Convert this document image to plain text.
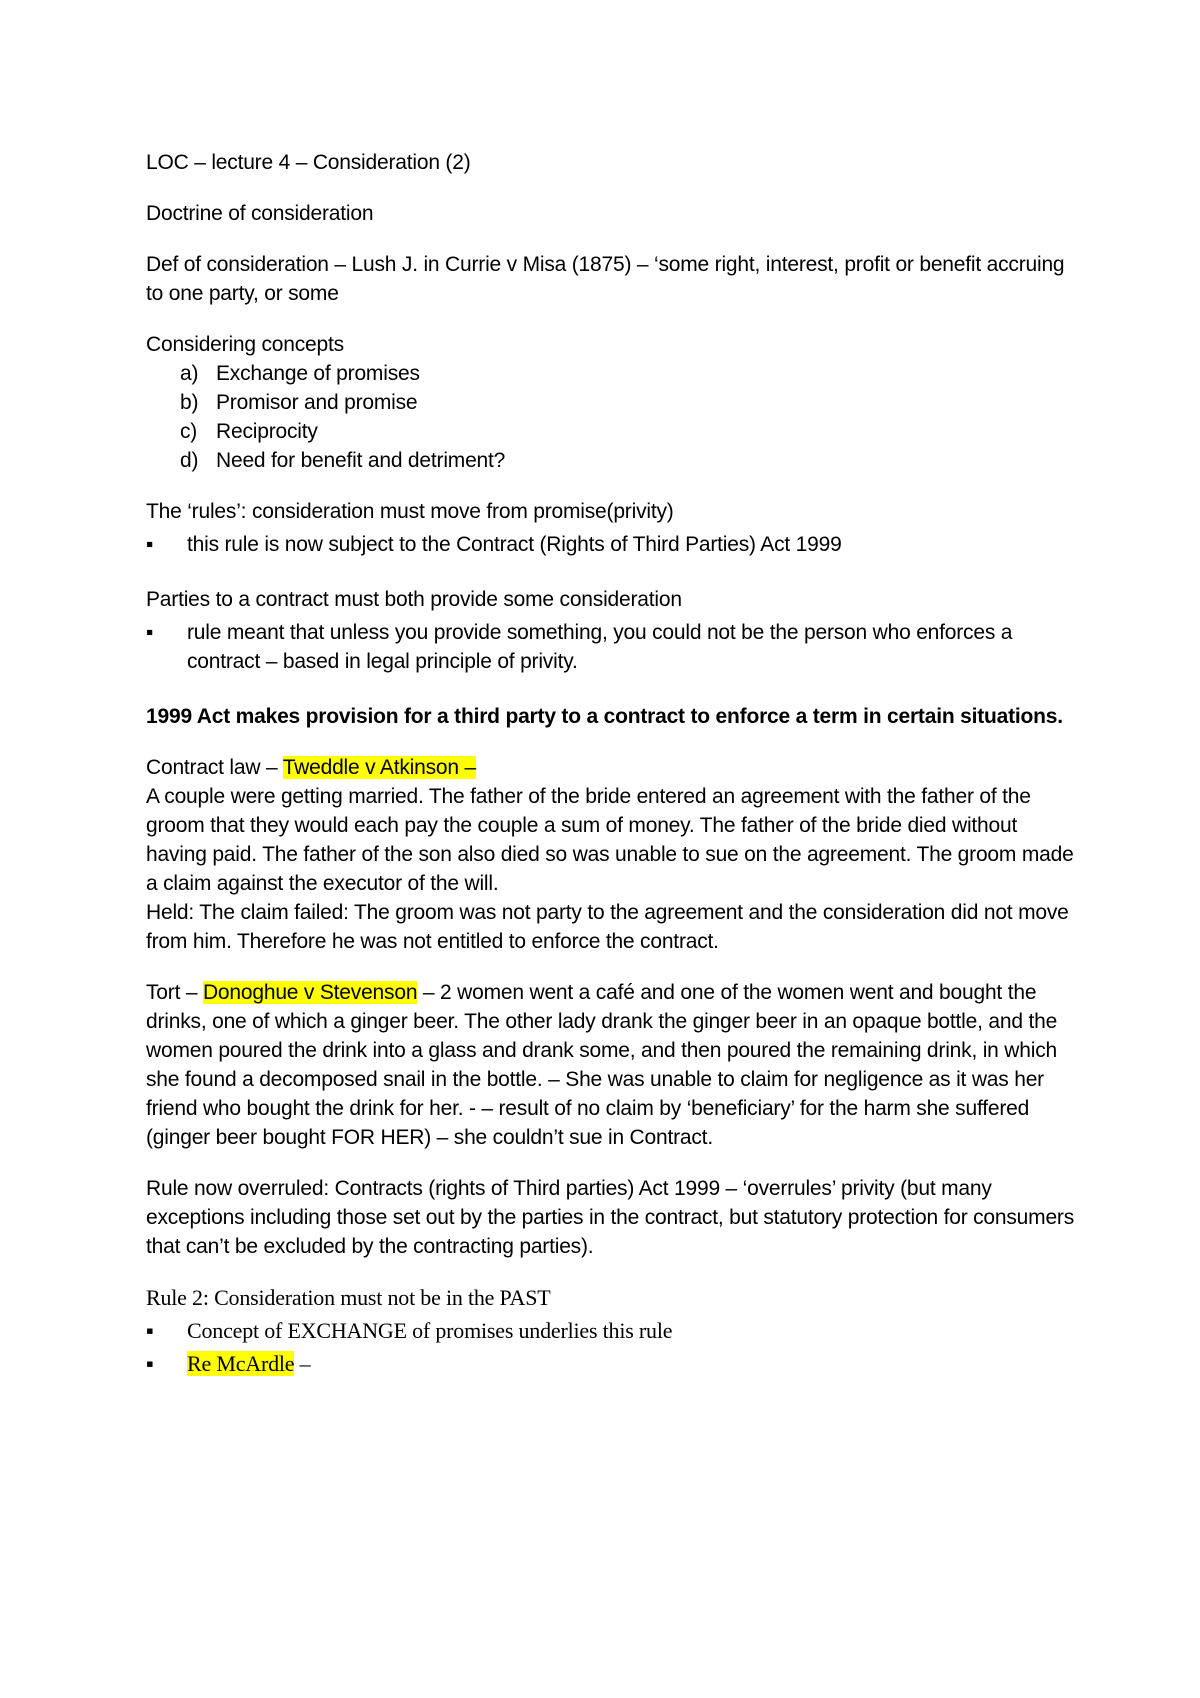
LOC – lecture 4 – Consideration (2)

Doctrine of consideration

Def of consideration – Lush J. in Currie v Misa (1875) – ‘some right, interest, profit or benefit accruing to one party, or some

Considering concepts

a) Exchange of promises
b) Promisor and promise
c) Reciprocity
d) Need for benefit and detriment?

The ‘rules’: consideration must move from promise(privity)

▪	this rule is now subject to the Contract (Rights of Third Parties) Act 1999

Parties to a contract must both provide some consideration

▪	rule meant that unless you provide something, you could not be the person who enforces a contract – based in legal principle of privity.

1999 Act makes provision for a third party to a contract to enforce a term in certain situations.

Contract law – Tweddle v Atkinson –

A couple were getting married. The father of the bride entered an agreement with the father of the groom that they would each pay the couple a sum of money. The father of the bride died without having paid. The father of the son also died so was unable to sue on the agreement. The groom made a claim against the executor of the will.

Held: The claim failed: The groom was not party to the agreement and the consideration did not move from him. Therefore he was not entitled to enforce the contract.

Tort – Donoghue v Stevenson – 2 women went a café and one of the women went and bought the drinks, one of which a ginger beer. The other lady drank the ginger beer in an opaque bottle, and the women poured the drink into a glass and drank some, and then poured the remaining drink, in which she found a decomposed snail in the bottle. – She was unable to claim for negligence as it was her friend who bought the drink for her. - – result of no claim by ‘beneficiary’ for the harm she suffered (ginger beer bought FOR HER) – she couldn’t sue in Contract.

Rule now overruled: Contracts (rights of Third parties) Act 1999 – ‘overrules’ privity (but many exceptions including those set out by the parties in the contract, but statutory protection for consumers that can’t be excluded by the contracting parties).

Rule 2: Consideration must not be in the PAST

▪	Concept of EXCHANGE of promises underlies this rule
▪	Re McArdle –
